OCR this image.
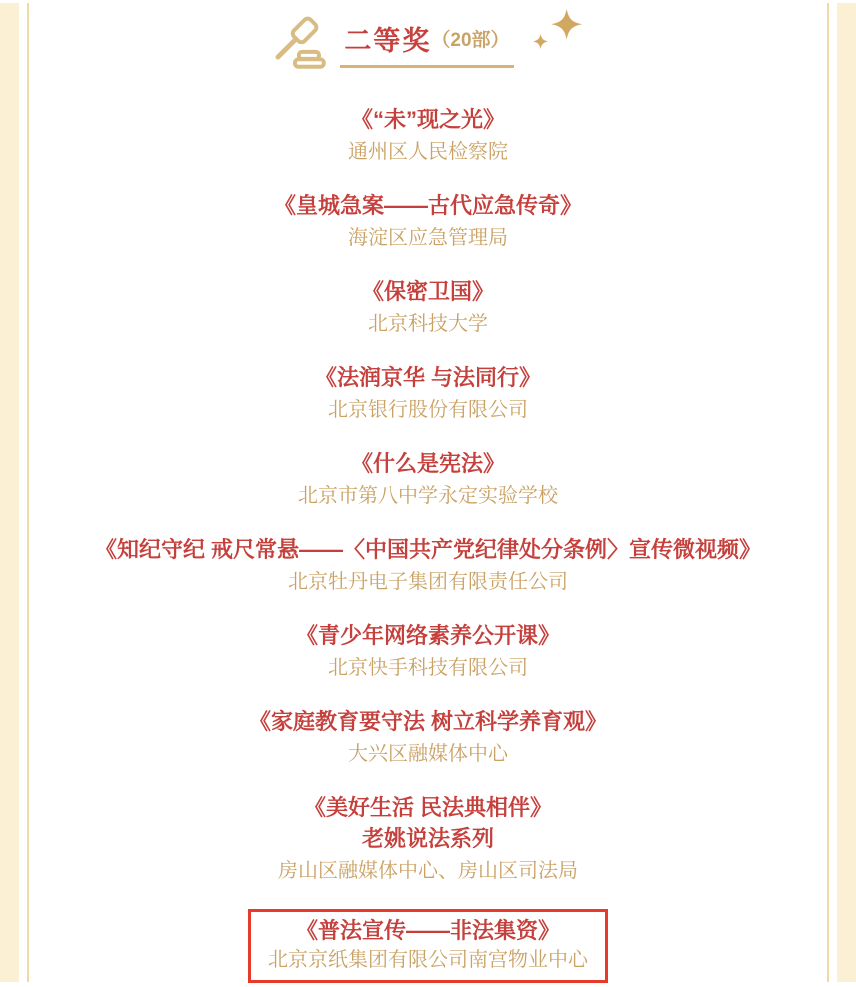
二等奖（20部）
《“未”现之光》
通州区人民检察院
《皇城急案——古代应急传奇》
海淀区应急管理局
《保密卫国》
北京科技大学
《法润京华 与法同行》
北京银行股份有限公司
《什么是宪法》
北京市第八中学永定实验学校
《知纪守纪 戒尺常悬——〈中国共产党纪律处分条例〉宣传微视频》
北京牡丹电子集团有限责任公司
《青少年网络素养公开课》
北京快手科技有限公司
《家庭教育要守法 树立科学养育观》
大兴区融媒体中心
《美好生活 民法典相伴》
老姚说法系列
房山区融媒体中心、房山区司法局
《普法宣传——非法集资》
北京京纸集团有限公司南宫物业中心
